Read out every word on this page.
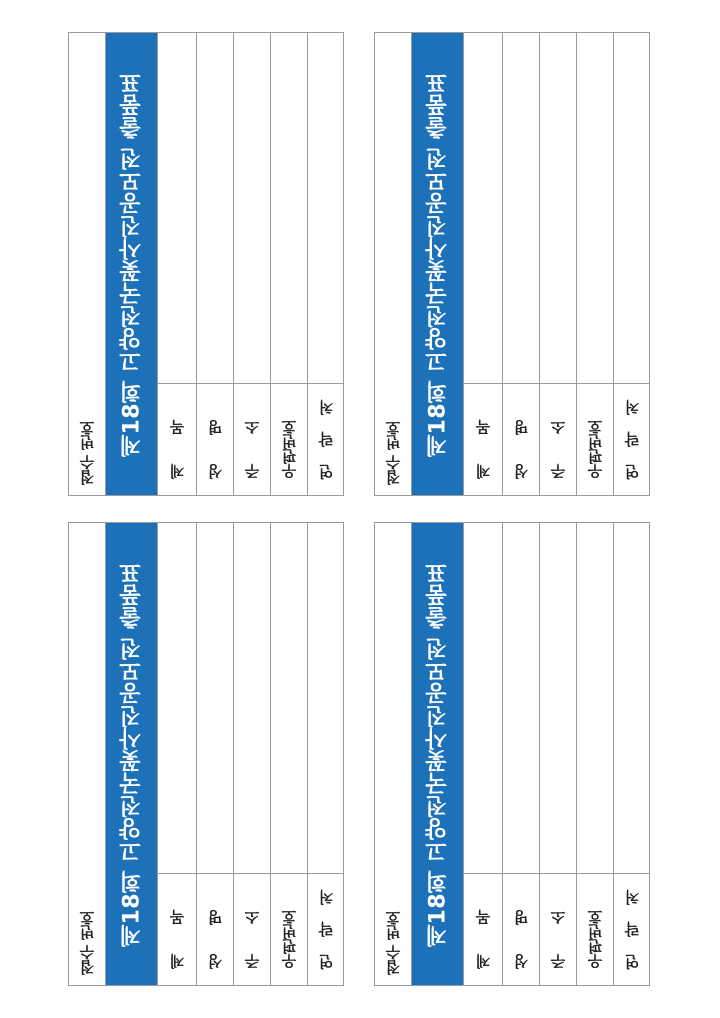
접수 번호 제18회 고양전국꽃사진공모전 출품표 제 목 성 명 주 소 우편번호 연 락 처	접수 번호 제18회 고양전국꽃사진공모전 출품표 제 목 성 명 주 소 우편번호 연 락 처
접수 번호 제18회 고양전국꽃사진공모전 출품표 제 목 성 명 주 소 우편번호 연 락 처	접수 번호 제18회 고양전국꽃사진공모전 출품표 제 목 성 명 주 소 우편번호 연 락 처
